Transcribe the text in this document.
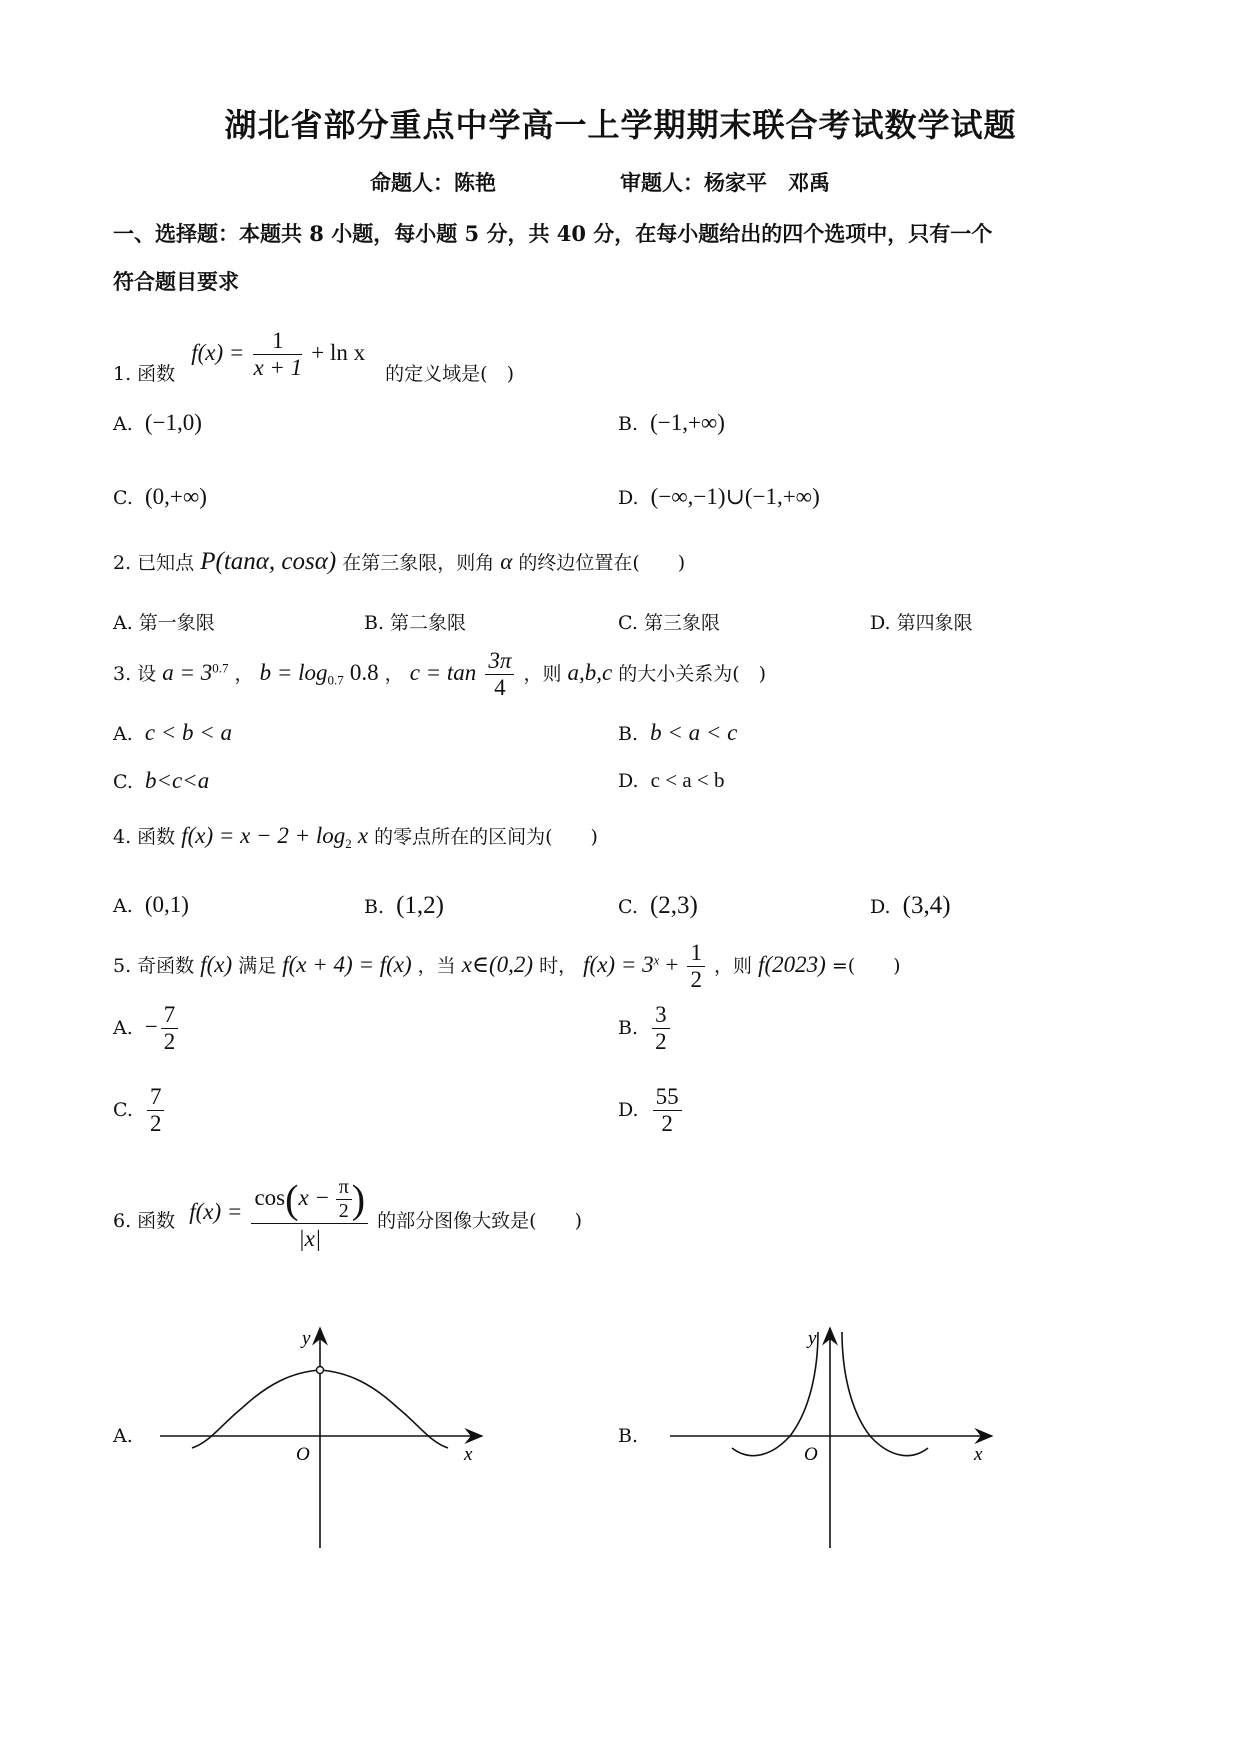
湖北省部分重点中学高一上学期期末联合考试数学试题
命题人：陈艳	审题人：杨家平　邓禹
一、选择题：本题共 8 小题，每小题 5 分，共 40 分，在每小题给出的四个选项中，只有一个
符合题目要求
1. 函数 $f(x) = \frac{1}{x + 1} + \ln x$ 的定义域是(　)
A. (−1,0)	B. (−1,+∞)
C. (0,+∞)	D. (−∞,−1)∪(−1,+∞)
2. 已知点 P(tanα, cosα) 在第三象限，则角 α 的终边位置在(　　)
A. 第一象限	B. 第二象限	C. 第三象限	D. 第四象限
3. 设 $a = 3^{0.7}$ ， $b = \log_{0.7} 0.8$ ， $c = \tan \frac{3\pi}{4}$ ，则 a,b,c 的大小关系为(　)
A. c < b < a	B. b < a < c
C. b<c<a	D. c < a < b
4. 函数 $f(x) = x - 2 + \log_2 x$ 的零点所在的区间为(　　)
A. (0,1)	B. (1,2)	C. (2,3)	D. (3,4)
5. 奇函数 f(x) 满足 f(x + 4) = f(x) ，当 x∈(0,2) 时， $f(x) = 3^x + \frac{1}{2}$ ，则 f(2023) =(　　)
A. − $\frac{7}{2}$	B. $\frac{3}{2}$
C. $\frac{7}{2}$	D. $\frac{55}{2}$
6. 函数 $f(x) = \frac{\cos(x - \frac{\pi}{2} )}{|x|}$ 的部分图像大致是(　　)
A.	B.
y
x
O
y
x
O
